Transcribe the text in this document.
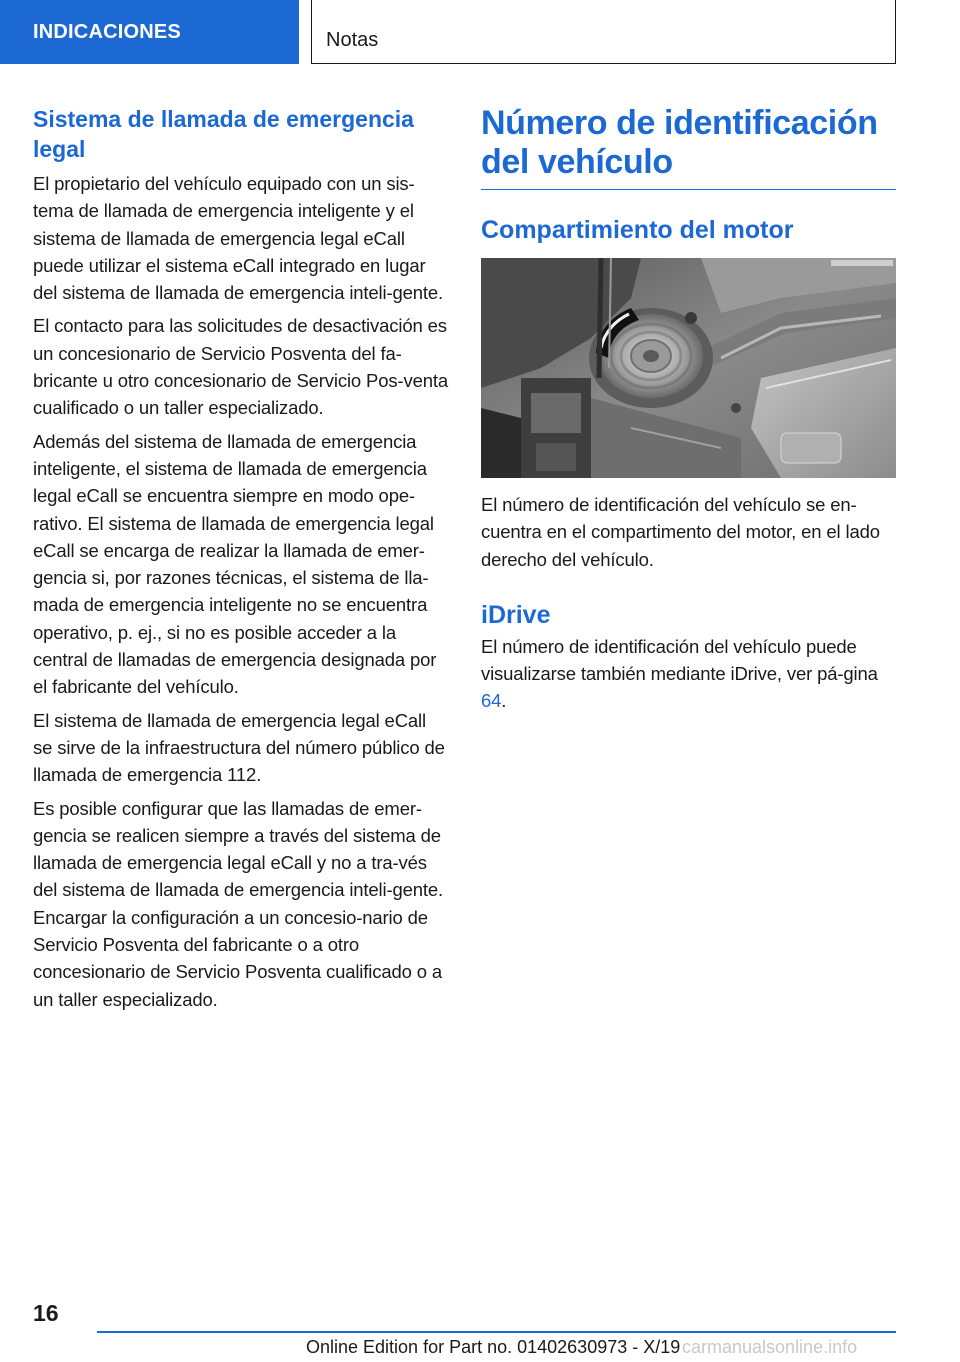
INDICACIONES	Notas
Sistema de llamada de emergencia legal

El propietario del vehículo equipado con un sis-tema de llamada de emergencia inteligente y el sistema de llamada de emergencia legal eCall puede utilizar el sistema eCall integrado en lugar del sistema de llamada de emergencia inteli-gente.

El contacto para las solicitudes de desactivación es un concesionario de Servicio Posventa del fa-bricante u otro concesionario de Servicio Pos-venta cualificado o un taller especializado.

Además del sistema de llamada de emergencia inteligente, el sistema de llamada de emergencia legal eCall se encuentra siempre en modo ope-rativo. El sistema de llamada de emergencia legal eCall se encarga de realizar la llamada de emer-gencia si, por razones técnicas, el sistema de lla-mada de emergencia inteligente no se encuentra operativo, p. ej., si no es posible acceder a la central de llamadas de emergencia designada por el fabricante del vehículo.

El sistema de llamada de emergencia legal eCall se sirve de la infraestructura del número público de llamada de emergencia 112.

Es posible configurar que las llamadas de emer-gencia se realicen siempre a través del sistema de llamada de emergencia legal eCall y no a tra-vés del sistema de llamada de emergencia inteli-gente. Encargar la configuración a un concesio-nario de Servicio Posventa del fabricante o a otro concesionario de Servicio Posventa cualificado o a un taller especializado.

Número de identificación del vehículo
Compartimiento del motor

El número de identificación del vehículo se en-cuentra en el compartimento del motor, en el lado derecho del vehículo.

iDrive

El número de identificación del vehículo puede visualizarse también mediante iDrive, ver pá-gina 64.

16
Online Edition for Part no. 01402630973 - X/19 carmanualsonline.info
